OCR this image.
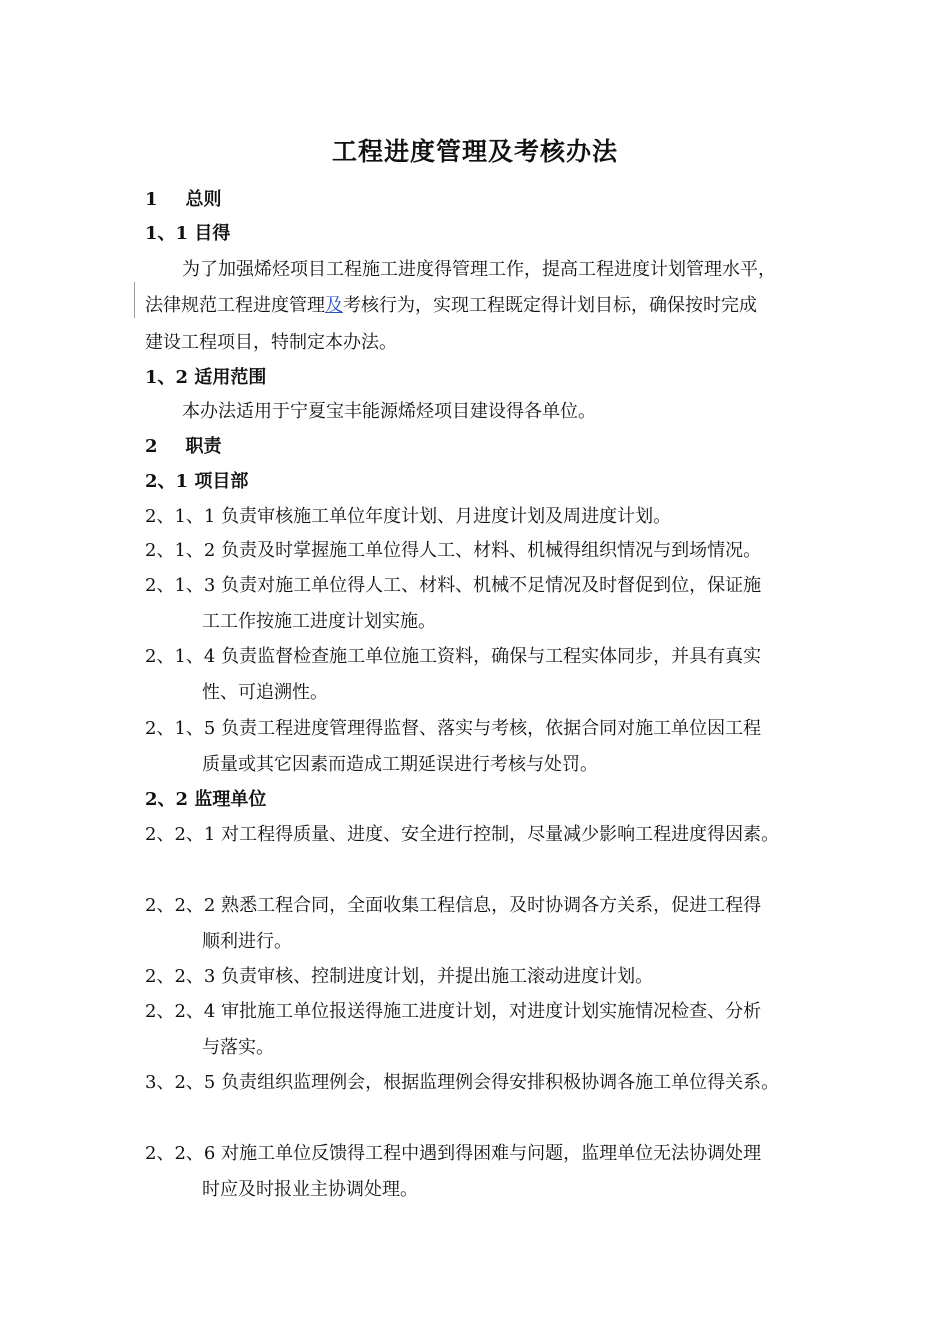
工程进度管理及考核办法
1 总则
1、1 目得
为了加强烯烃项目工程施工进度得管理工作，提高工程进度计划管理水平，
法律规范工程进度管理及考核行为，实现工程既定得计划目标，确保按时完成
建设工程项目，特制定本办法。
1、2 适用范围
本办法适用于宁夏宝丰能源烯烃项目建设得各单位。
2 职责
2、1 项目部
2、1、1 负责审核施工单位年度计划、月进度计划及周进度计划。
2、1、2 负责及时掌握施工单位得人工、材料、机械得组织情况与到场情况。
2、1、3 负责对施工单位得人工、材料、机械不足情况及时督促到位，保证施
工工作按施工进度计划实施。
2、1、4 负责监督检查施工单位施工资料，确保与工程实体同步，并具有真实
性、可追溯性。
2、1、5 负责工程进度管理得监督、落实与考核，依据合同对施工单位因工程
质量或其它因素而造成工期延误进行考核与处罚。
2、2 监理单位
2、2、1 对工程得质量、进度、安全进行控制，尽量减少影响工程进度得因素。
2、2、2 熟悉工程合同，全面收集工程信息，及时协调各方关系，促进工程得
顺利进行。
2、2、3 负责审核、控制进度计划，并提出施工滚动进度计划。
2、2、4 审批施工单位报送得施工进度计划，对进度计划实施情况检查、分析
与落实。
3、2、5 负责组织监理例会，根据监理例会得安排积极协调各施工单位得关系。
2、2、6 对施工单位反馈得工程中遇到得困难与问题，监理单位无法协调处理
时应及时报业主协调处理。
